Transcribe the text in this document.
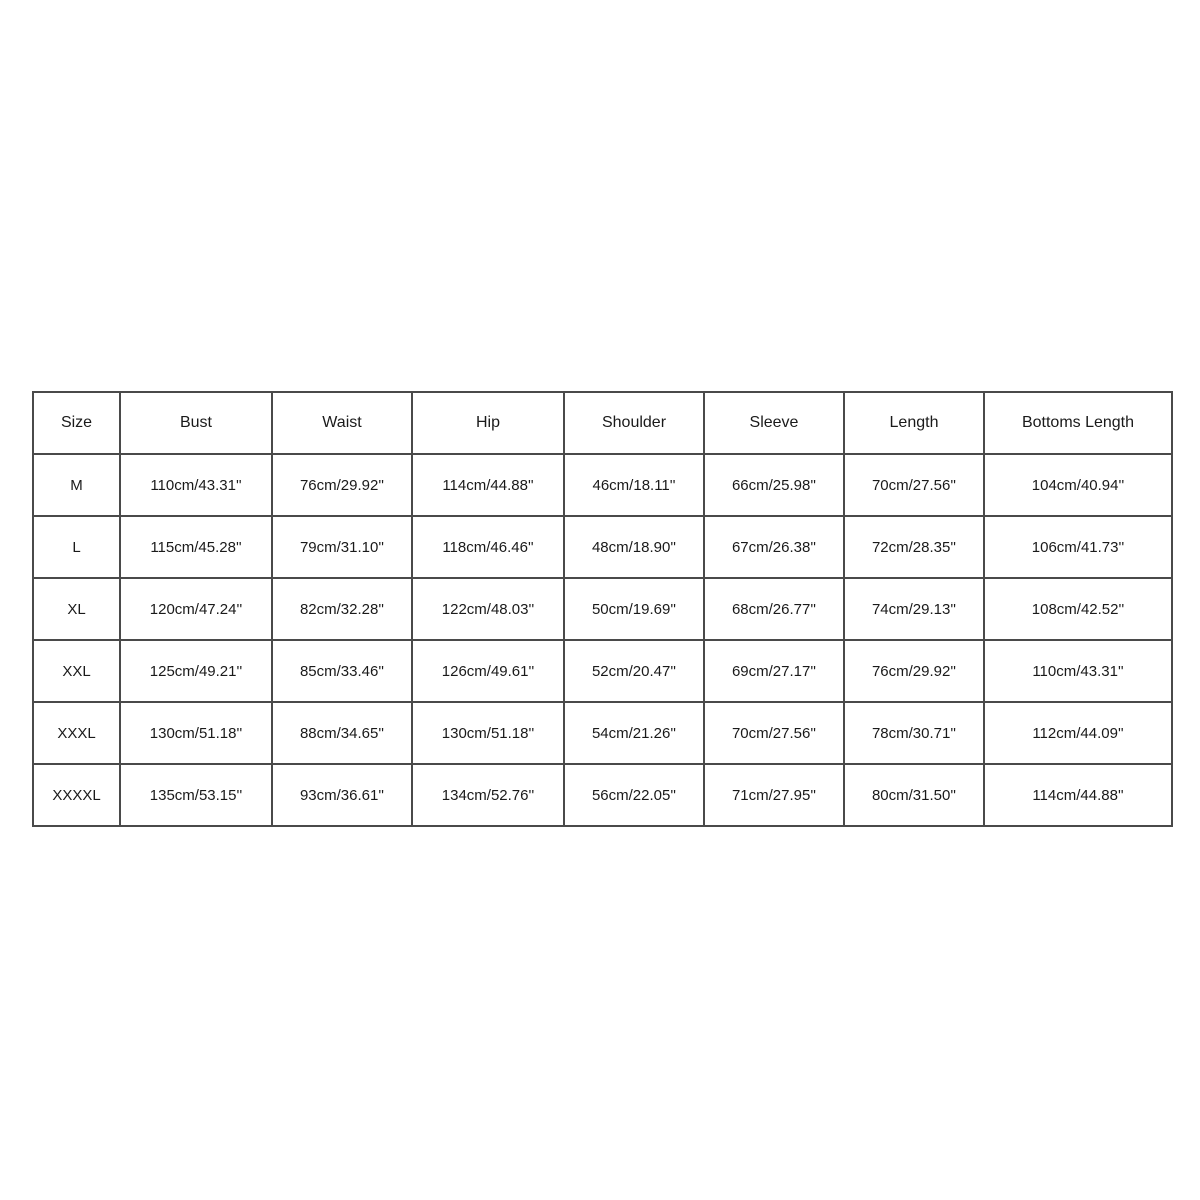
Size	Bust	Waist	Hip	Shoulder	Sleeve	Length	Bottoms Length
M	110cm/43.31''	76cm/29.92''	114cm/44.88''	46cm/18.11''	66cm/25.98''	70cm/27.56''	104cm/40.94''
L	115cm/45.28''	79cm/31.10''	118cm/46.46''	48cm/18.90''	67cm/26.38''	72cm/28.35''	106cm/41.73''
XL	120cm/47.24''	82cm/32.28''	122cm/48.03''	50cm/19.69''	68cm/26.77''	74cm/29.13''	108cm/42.52''
XXL	125cm/49.21''	85cm/33.46''	126cm/49.61''	52cm/20.47''	69cm/27.17''	76cm/29.92''	110cm/43.31''
XXXL	130cm/51.18''	88cm/34.65''	130cm/51.18''	54cm/21.26''	70cm/27.56''	78cm/30.71''	112cm/44.09''
XXXXL	135cm/53.15''	93cm/36.61''	134cm/52.76''	56cm/22.05''	71cm/27.95''	80cm/31.50''	114cm/44.88''
